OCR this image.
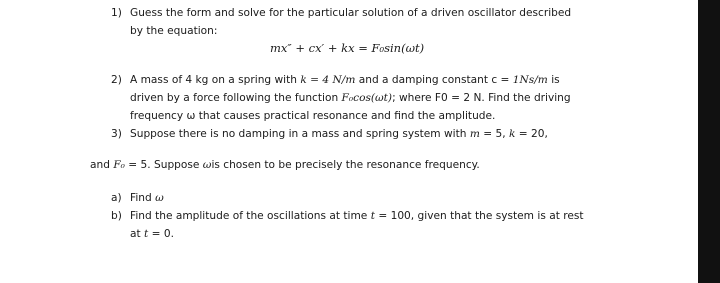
1) Guess the form and solve for the particular solution of a driven oscillator described
by the equation:
mx″ + cx′ + kx = F₀sin(ωt)
2) A mass of 4 kg on a spring with k = 4 N/m and a damping constant c = 1Ns/m is
driven by a force following the function F₀cos(ωt); where F0 = 2 N. Find the driving
frequency ω that causes practical resonance and find the amplitude.
3) Suppose there is no damping in a mass and spring system with m = 5, k = 20,
and F₀ = 5. Suppose ωis chosen to be precisely the resonance frequency.
a) Find ω
b) Find the amplitude of the oscillations at time t = 100, given that the system is at rest
at t = 0.
